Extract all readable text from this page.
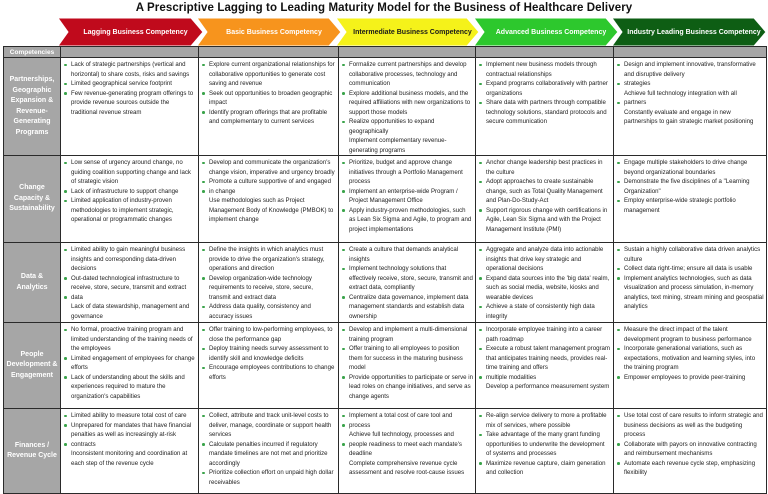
A Prescriptive Lagging to Leading Maturity Model for the Business of Healthcare Delivery
Lagging Business Competency	Basic Business Competency	Intermediate Business Competency	Advanced Business Competency	Industry Leading Business Competency
Competencies					
Partnerships, Geographic Expansion & Revenue-Generating Programs	
Lack of strategic partnerships (vertical and horizontal) to share costs, risks and savings
Limited geographical service footprint
Few revenue-generating program offerings to provide revenue sources outside the traditional revenue stream

Explore current organizational relationships for collaborative opportunities to generate cost saving and revenue
Seek out opportunities to broaden geographic impact
Identify program offerings that are profitable and complementary to current services

Formalize current partnerships and develop collaborative processes, technology and communication
Explore additional business models, and the required affiliations with new organizations to support those models
Realize opportunities to expand geographically
Implement complementary revenue-generating programs

Implement new business models through contractual relationships
Expand programs collaboratively with partner organizations
Share data with partners through compatible technology solutions, standard protocols and secure communication

Design and implement innovative, transformative and disruptive delivery
strategies
Achieve full technology integration with all
partners
Constantly evaluate and engage in new partnerships to gain strategic market positioning

Change Capacity & Sustainability	
Low sense of urgency around change, no guiding coalition supporting change and lack of strategic vision
Lack of infrastructure to support change
Limited application of industry-proven methodologies to implement strategic, operational or programmatic changes

Develop and communicate the organization's change vision, imperative and urgency broadly
Promote a culture supportive of and engaged
in change
Use methodologies such as Project Management Body of Knowledge (PMBOK) to implement change

Prioritize, budget and approve change initiatives through a Portfolio Management process
Implement an enterprise-wide Program / Project Management Office
Apply industry-proven methodologies, such as Lean Six Sigma and Agile, to program and project implementations

Anchor change leadership best practices in the culture
Adopt approaches to create sustainable change, such as Total Quality Management and Plan-Do-Study-Act
Support rigorous change with certifications in Agile, Lean Six Sigma and with the Project Management Institute (PMI)

Engage multiple stakeholders to drive change beyond organizational boundaries
Demonstrate the five disciplines of a "Learning Organization"
Employ enterprise-wide strategic portfolio management

Data & Analytics	
Limited ability to gain meaningful business insights and corresponding data-driven decisions
Out-dated technological infrastructure to receive, store, secure, transmit and extract
data
Lack of data stewardship, management and governance

Define the insights in which analytics must provide to drive the organization's strategy, operations and direction
Develop organization-wide technology requirements to receive, store, secure, transmit and extract data
Address data quality, consistency and accuracy issues

Create a culture that demands analytical insights
Implement technology solutions that effectively receive, store, secure, transmit and extract data, compliantly
Centralize data governance, implement data management standards and establish data ownership

Aggregate and analyze data into actionable insights that drive key strategic and operational decisions
Expand data sources into the 'big data' realm, such as social media, website, kiosks and wearable devices
Achieve a state of consistently high data integrity

Sustain a highly collaborative data driven analytics culture
Collect data right-time; ensure all data is usable
Implement analytics technologies, such as data visualization and process simulation, in-memory analytics, text mining, stream mining and geospatial analytics

People Development & Engagement	
No formal, proactive training program and limited understanding of the training needs of the employees
Limited engagement of employees for change efforts
Lack of understanding about the skills and experiences required to mature the organization's capabilities

Offer training to low-performing employees, to close the performance gap
Deploy training needs survey assessment to identify skill and knowledge deficits
Encourage employees contributions to change efforts

Develop and implement a multi-dimensional training program
Offer training to all employees to position them for success in the maturing business model
Provide opportunities to participate or serve in lead roles on change initiatives, and serve as change agents

Incorporate employee training into a career path roadmap
Execute a robust talent management program that anticipates training needs, provides real-time training and offers
multiple modalities
Develop a performance measurement system

Measure the direct impact of the talent development program to business performance
Incorporate generational variations, such as expectations, motivation and learning styles, into the training program
Empower employees to provide peer-training

Finances / Revenue Cycle	
Limited ability to measure total cost of care
Unprepared for mandates that have financial penalties as well as increasingly at-risk
contracts
Inconsistent monitoring and coordination at each step of the revenue cycle

Collect, attribute and track unit-level costs to deliver, manage, coordinate or support health services
Calculate penalties incurred if regulatory mandate timelines are not met and prioritize accordingly
Prioritize collection effort on unpaid high dollar receivables

Implement a total cost of care tool and
process
Achieve full technology, processes and
people readiness to meet each mandate's deadline
Complete comprehensive revenue cycle assessment and resolve root-cause issues

Re-align service delivery to more a profitable mix of services, where possible
Take advantage of the many grant funding opportunities to underwrite the development of systems and processes
Maximize revenue capture, claim generation and collection

Use total cost of care results to inform strategic and business decisions as well as the budgeting process
Collaborate with payors on innovative contracting and reimbursement mechanisms
Automate each revenue cycle step, emphasizing flexibility
